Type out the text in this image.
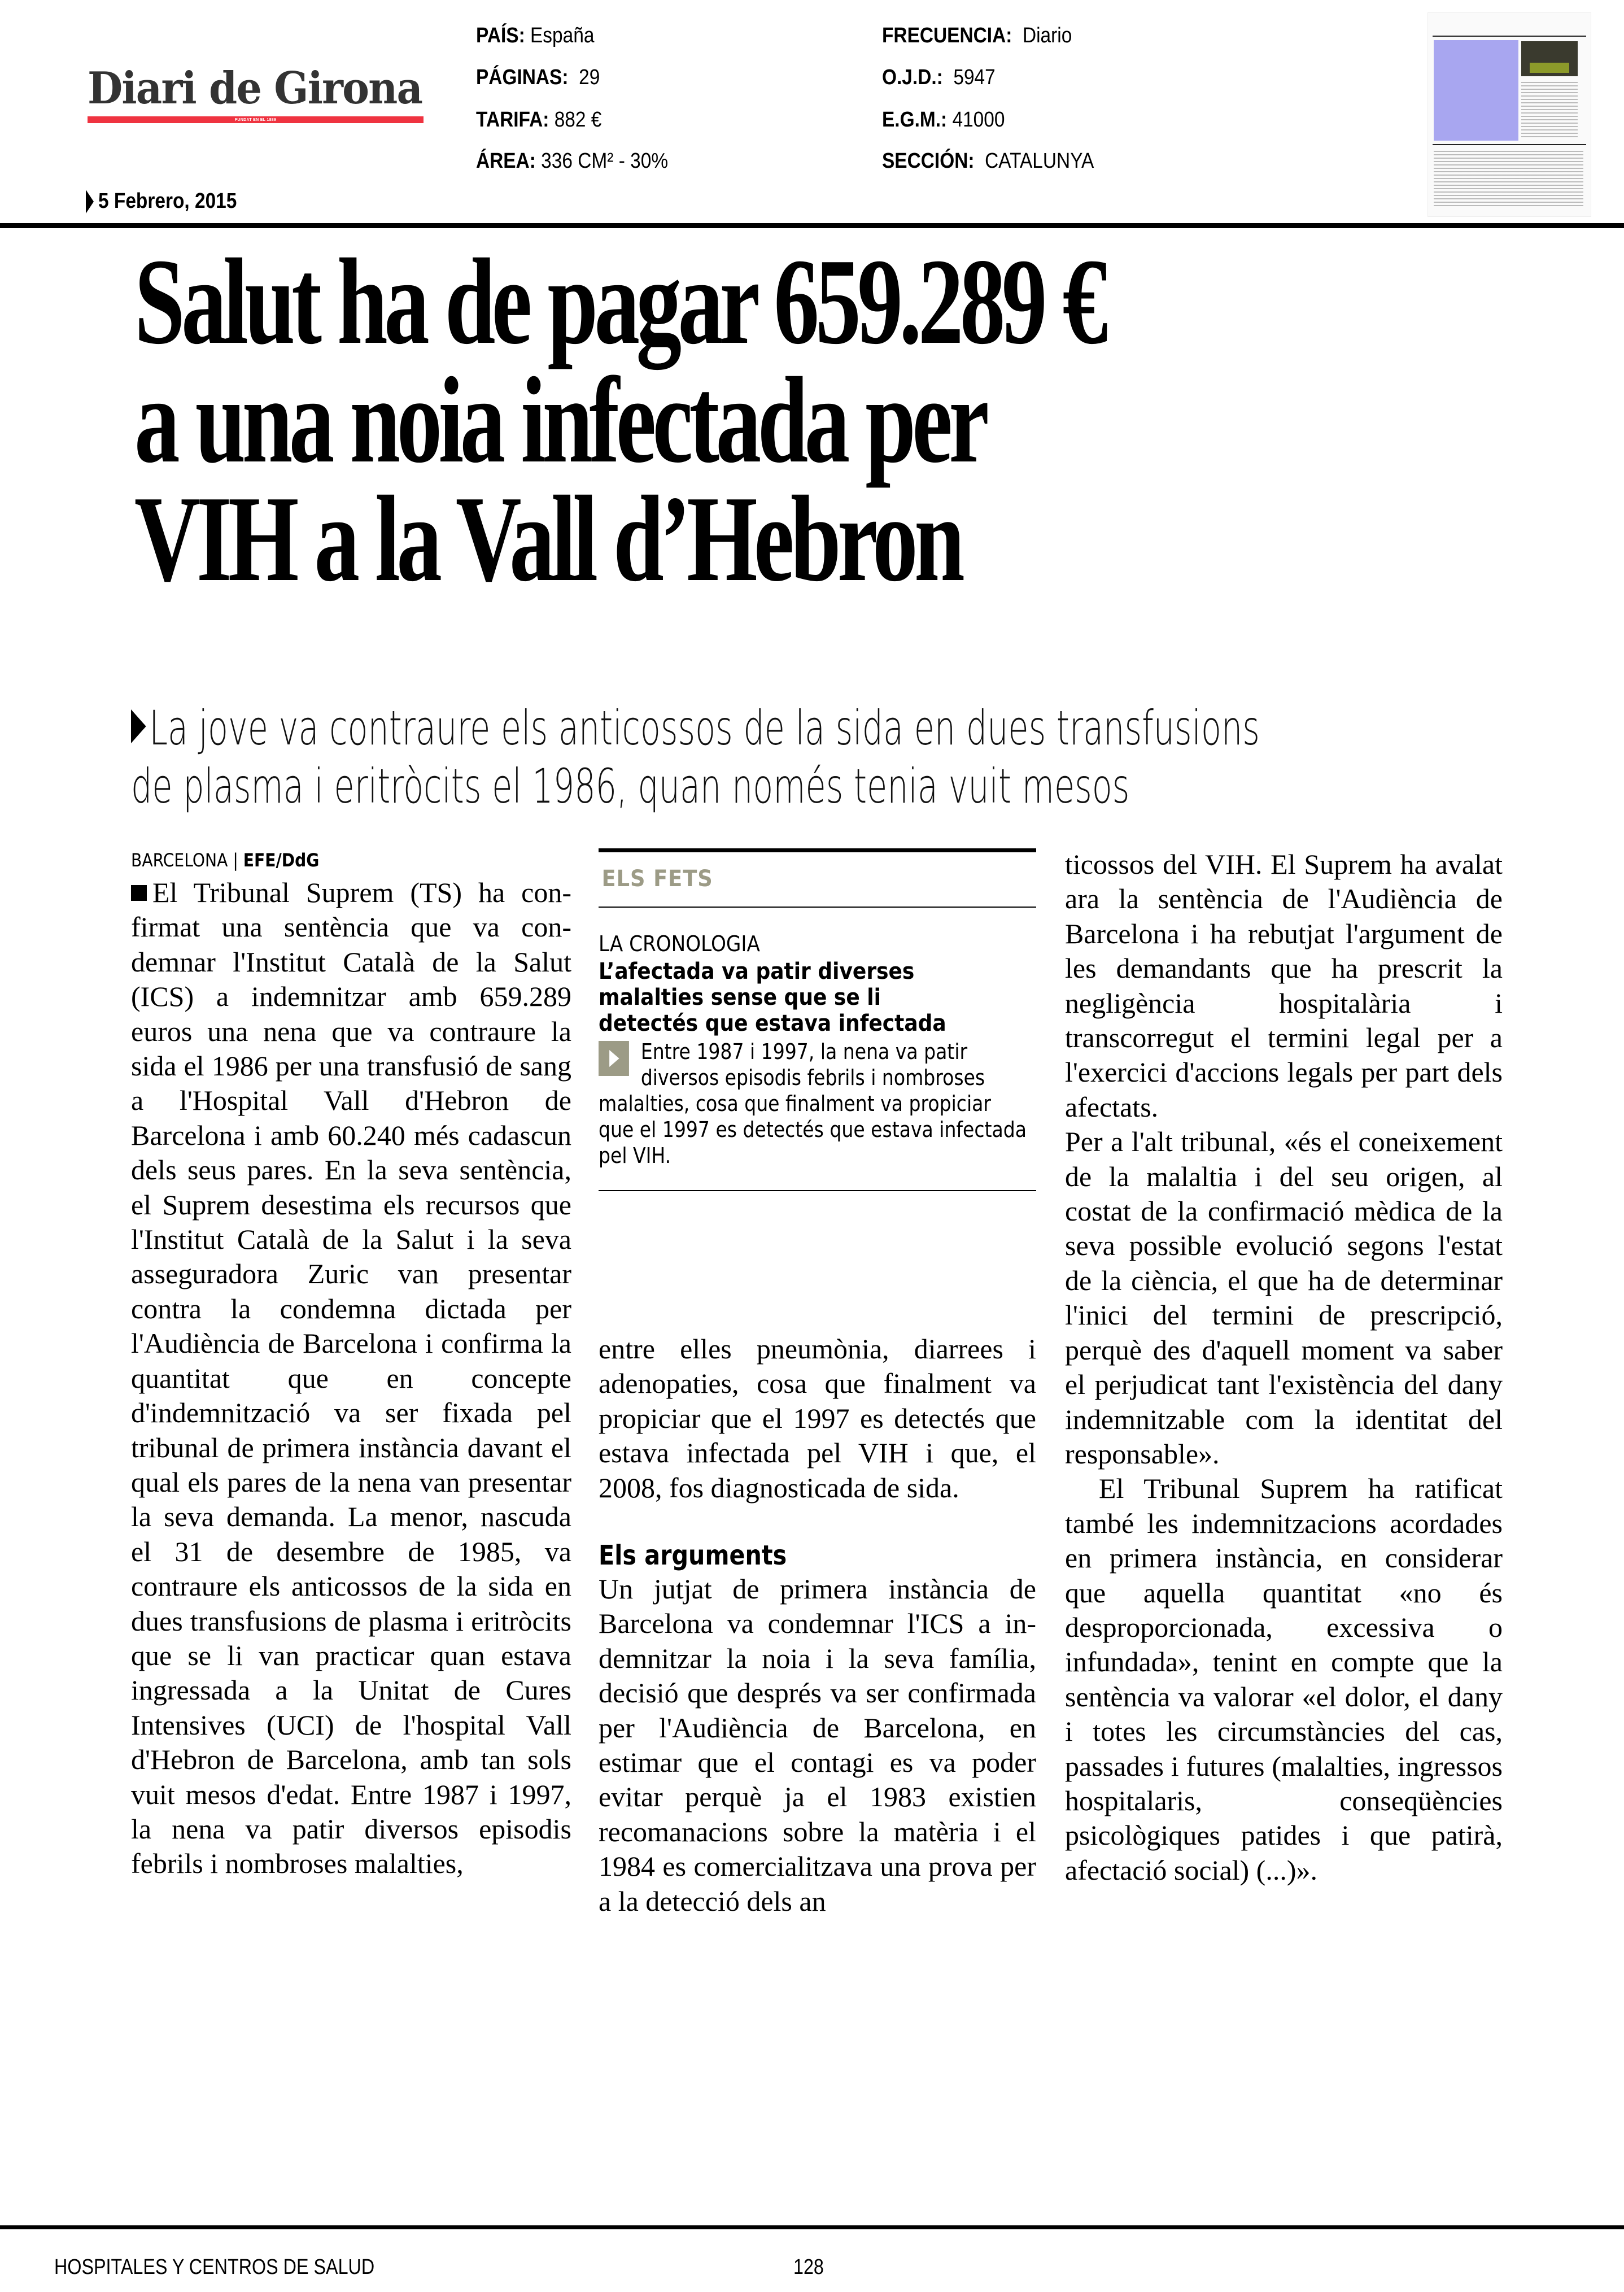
Diari de Girona
FUNDAT EN EL 1889
5 Febrero, 2015
PAÍS: España
PÁGINAS: 29
TARIFA: 882 €
ÁREA: 336 CM² - 30%
FRECUENCIA: Diario
O.J.D.: 5947
E.G.M.: 41000
SECCIÓN: CATALUNYA
Salut ha de pagar 659.289 €
a una noia infectada per
VIH a la Vall d’Hebron
La jove va contraure els anticossos de la sida en dues transfusions
de plasma i eritròcits el 1986, quan només tenia vuit mesos
BARCELONA | EFE/DdG

El Tribunal Suprem (TS) ha confirmat una sentència que va condemnar l'Institut Català de la Salut (ICS) a indemnitzar amb 659.289 euros una nena que va contraure la sida el 1986 per una transfusió de sang a l'Hospital Vall d'Hebron de Barcelona i amb 60.240 més cadascun dels seus pares. En la seva sentència, el Suprem desestima els recursos que l'Institut Català de la Salut i la seva asseguradora Zuric van presentar contra la condemna dictada per l'Audiència de Barcelona i confirma la quantitat que en concepte d'indemnització va ser fixada pel tribunal de primera instància davant el qual els pares de la nena van presentar la seva demanda. La menor, nascuda el 31 de desembre de 1985, va contraure els anticossos de la sida en dues transfusions de plasma i eritròcits que se li van practicar quan estava ingressada a la Unitat de Cures Intensives (UCI) de l'hospital Vall d'Hebron de Barcelona, amb tan sols vuit mesos d'edat. Entre 1987 i 1997, la nena va patir diversos episodis febrils i nombroses malalties,

ELS FETS
LA CRONOLOGIA
L’afectada va patir diverses
malalties sense que se li
detectés que estava infectada
Entre 1987 i 1997, la nena va patir diversos episodis febrils i nombroses malalties, cosa que finalment va propiciar que el 1997 es detectés que estava infectada pel VIH.

entre elles pneumònia, diarrees i adenopaties, cosa que finalment va propiciar que el 1997 es detectés que estava infectada pel VIH i que, el 2008, fos diagnosticada de sida.

Els arguments

Un jutjat de primera instància de Barcelona va condemnar l'ICS a indemnitzar la noia i la seva família, decisió que després va ser confirmada per l'Audiència de Barcelona, en estimar que el contagi es va poder evitar perquè ja el 1983 existien recomanacions sobre la matèria i el 1984 es comercialitzava una prova per a la detecció dels an

ticossos del VIH. El Suprem ha avalat ara la sentència de l'Audiència de Barcelona i ha rebutjat l'argument de les demandants que ha prescrit la negligència hospitalària i transcorregut el termini legal per a l'exercici d'accions legals per part dels afectats.

Per a l'alt tribunal, «és el coneixement de la malaltia i del seu origen, al costat de la confirmació mèdica de la seva possible evolució segons l'estat de la ciència, el que ha de determinar l'inici del termini de prescripció, perquè des d'aquell moment va saber el perjudicat tant l'existència del dany indemnitzable com la identitat del responsable».

El Tribunal Suprem ha ratificat també les indemnitzacions acordades en primera instància, en considerar que aquella quantitat «no és desproporcionada, excessiva o infundada», tenint en compte que la sentència va valorar «el dolor, el dany i totes les circumstàncies del cas, passades i futures (malalties, ingressos hospitalaris, conseqüències psicològiques patides i que patirà, afectació social) (...)».

HOSPITALES Y CENTROS DE SALUD	128
